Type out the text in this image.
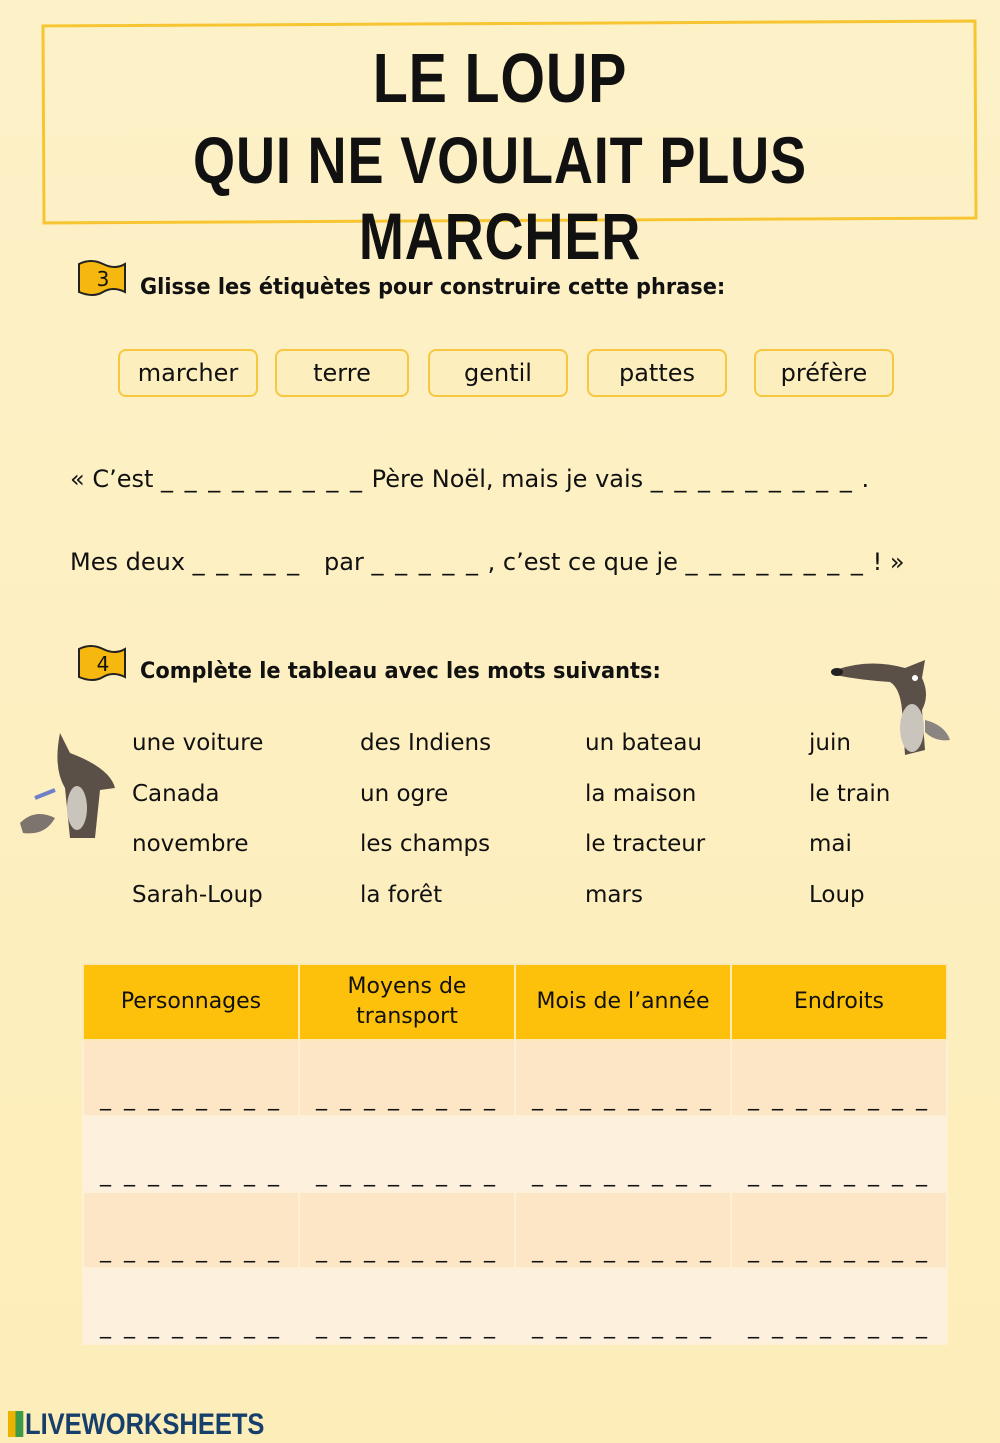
LE LOUP
QUI NE VOULAIT PLUS MARCHER
3 Glisse les étiquètes pour construire cette phrase:
marcher	terre	gentil	pattes	préfère
« C’est _ _ _ _ _ _ _ _ _ Père Noël, mais je vais _ _ _ _ _ _ _ _ _ .
Mes deux _ _ _ _ _   par _ _ _ _ _ , c’est ce que je _ _ _ _ _ _ _ _ ! »
4 Complète le tableau avec les mots suivants:
une voiture	des Indiens	un bateau	juin
Canada	un ogre	la maison	le train
novembre	les champs	le tracteur	mai
Sarah-Loup	la forêt	mars	Loup
Personnages	Moyens de transport	Mois de l’année	Endroits
_ _ _ _ _ _ _ _	_ _ _ _ _ _ _ _	_ _ _ _ _ _ _ _	_ _ _ _ _ _ _ _
_ _ _ _ _ _ _ _	_ _ _ _ _ _ _ _	_ _ _ _ _ _ _ _	_ _ _ _ _ _ _ _
_ _ _ _ _ _ _ _	_ _ _ _ _ _ _ _	_ _ _ _ _ _ _ _	_ _ _ _ _ _ _ _
_ _ _ _ _ _ _ _	_ _ _ _ _ _ _ _	_ _ _ _ _ _ _ _	_ _ _ _ _ _ _ _
LIVEWORKSHEETS
